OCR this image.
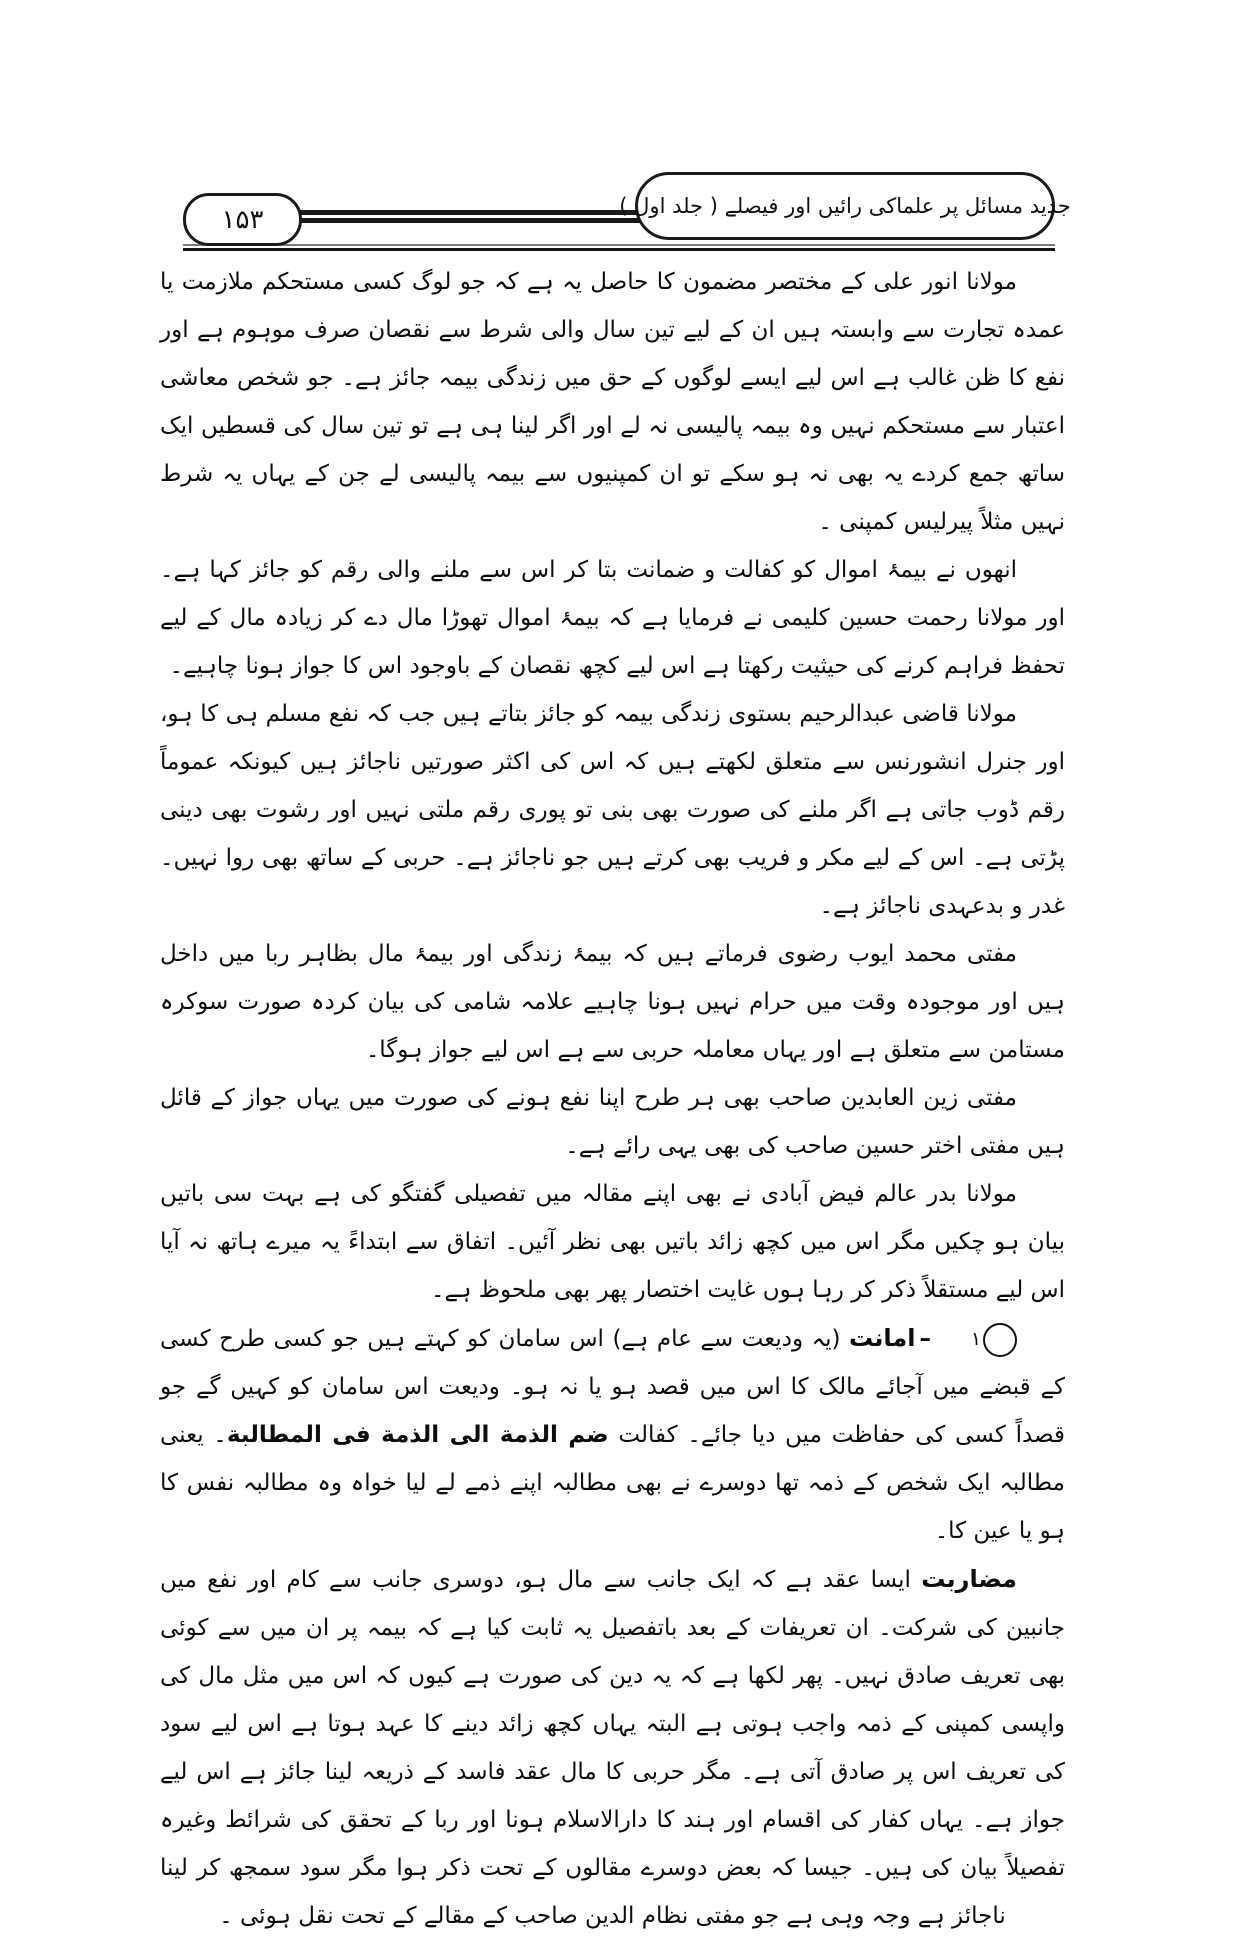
۱۵۳	جدید مسائل پر علماکی رائیں اور فیصلے ( جلد اول )

مولانا انور علی کے مختصر مضمون کا حاصل یہ ہے کہ جو لوگ کسی مستحکم ملازمت یا عمدہ تجارت سے وابستہ ہیں ان کے لیے تین سال والی شرط سے نقصان صرف موہوم ہے اور نفع کا ظن غالب ہے اس لیے ایسے لوگوں کے حق میں زندگی بیمہ جائز ہے۔ جو شخص معاشی اعتبار سے مستحکم نہیں وہ بیمہ پالیسی نہ لے اور اگر لینا ہی ہے تو تین سال کی قسطیں ایک ساتھ جمع کردے یہ بھی نہ ہو سکے تو ان کمپنیوں سے بیمہ پالیسی لے جن کے یہاں یہ شرط نہیں مثلاً پیرلیس کمپنی ۔

انھوں نے بیمۂ اموال کو کفالت و ضمانت بتا کر اس سے ملنے والی رقم کو جائز کہا ہے۔ اور مولانا رحمت حسین کلیمی نے فرمایا ہے کہ بیمۂ اموال تھوڑا مال دے کر زیادہ مال کے لیے تحفظ فراہم کرنے کی حیثیت رکھتا ہے اس لیے کچھ نقصان کے باوجود اس کا جواز ہونا چاہیے۔

مولانا قاضی عبدالرحیم بستوی زندگی بیمہ کو جائز بتاتے ہیں جب کہ نفع مسلم ہی کا ہو، اور جنرل انشورنس سے متعلق لکھتے ہیں کہ اس کی اکثر صورتیں ناجائز ہیں کیونکہ عموماً رقم ڈوب جاتی ہے اگر ملنے کی صورت بھی بنی تو پوری رقم ملتی نہیں اور رشوت بھی دینی پڑتی ہے۔ اس کے لیے مکر و فریب بھی کرتے ہیں جو ناجائز ہے۔ حربی کے ساتھ بھی روا نہیں۔ غدر و بدعہدی ناجائز ہے۔

مفتی محمد ایوب رضوی فرماتے ہیں کہ بیمۂ زندگی اور بیمۂ مال بظاہر ربا میں داخل ہیں اور موجودہ وقت میں حرام نہیں ہونا چاہیے علامہ شامی کی بیان کردہ صورت سوکرہ مستامن سے متعلق ہے اور یہاں معاملہ حربی سے ہے اس لیے جواز ہوگا۔

مفتی زین العابدین صاحب بھی ہر طرح اپنا نفع ہونے کی صورت میں یہاں جواز کے قائل ہیں مفتی اختر حسین صاحب کی بھی یہی رائے ہے۔

مولانا بدر عالم فیض آبادی نے بھی اپنے مقالہ میں تفصیلی گفتگو کی ہے بہت سی باتیں بیان ہو چکیں مگر اس میں کچھ زائد باتیں بھی نظر آئیں۔ اتفاق سے ابتداءً یہ میرے ہاتھ نہ آیا اس لیے مستقلاً ذکر کر رہا ہوں غایت اختصار پھر بھی ملحوظ ہے۔

۱
–امانت (یہ ودیعت سے عام ہے) اس سامان کو کہتے ہیں جو کسی طرح کسی کے قبضے میں آجائے مالک کا اس میں قصد ہو یا نہ ہو۔ ودیعت اس سامان کو کہیں گے جو قصداً کسی کی حفاظت میں دیا جائے۔ کفالت ضم الذمة الی الذمة فی المطالبة۔ یعنی مطالبہ ایک شخص کے ذمہ تھا دوسرے نے بھی مطالبہ اپنے ذمے لے لیا خواہ وہ مطالبہ نفس کا ہو یا عین کا۔

مضاربت ایسا عقد ہے کہ ایک جانب سے مال ہو، دوسری جانب سے کام اور نفع میں جانبین کی شرکت۔ ان تعریفات کے بعد باتفصیل یہ ثابت کیا ہے کہ بیمہ پر ان میں سے کوئی بھی تعریف صادق نہیں۔ پھر لکھا ہے کہ یہ دین کی صورت ہے کیوں کہ اس میں مثل مال کی واپسی کمپنی کے ذمہ واجب ہوتی ہے البتہ یہاں کچھ زائد دینے کا عہد ہوتا ہے اس لیے سود کی تعریف اس پر صادق آتی ہے۔ مگر حربی کا مال عقد فاسد کے ذریعہ لینا جائز ہے اس لیے جواز ہے۔ یہاں کفار کی اقسام اور ہند کا دارالاسلام ہونا اور ربا کے تحقق کی شرائط وغیرہ تفصیلاً بیان کی ہیں۔ جیسا کہ بعض دوسرے مقالوں کے تحت ذکر ہوا مگر سود سمجھ کر لینا ناجائز ہے وجہ وہی ہے جو مفتی نظام الدین صاحب کے مقالے کے تحت نقل ہوئی ۔
